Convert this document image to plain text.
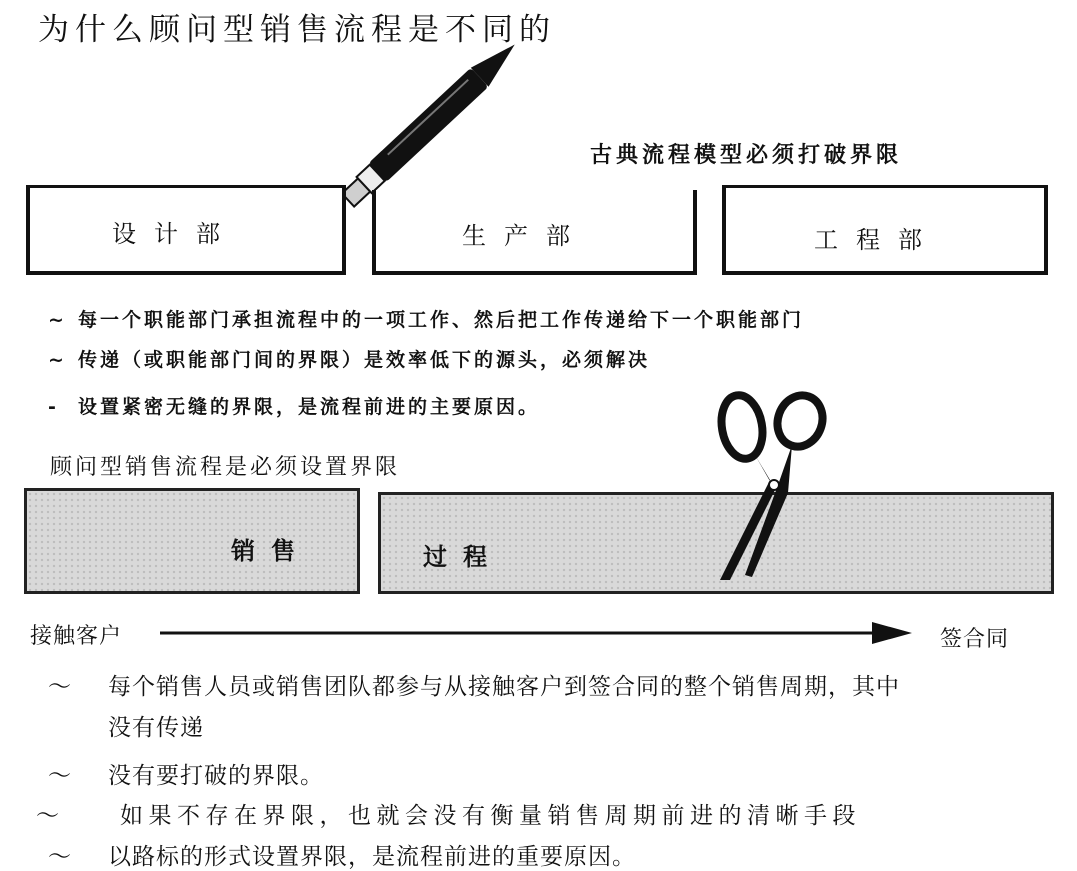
为什么顾问型销售流程是不同的
古典流程模型必须打破界限
设计部	生产部	工程部
~ 每一个职能部门承担流程中的一项工作、然后把工作传递给下一个职能部门
~ 传递（或职能部门间的界限）是效率低下的源头，必须解决
- 设置紧密无缝的界限，是流程前进的主要原因。
顾问型销售流程是必须设置界限
销售	过程
接触客户	签合同
～ 每个销售人员或销售团队都参与从接触客户到签合同的整个销售周期，其中
没有传递
～ 没有要打破的界限。
～ 如果不存在界限，也就会没有衡量销售周期前进的清晰手段
～ 以路标的形式设置界限，是流程前进的重要原因。
